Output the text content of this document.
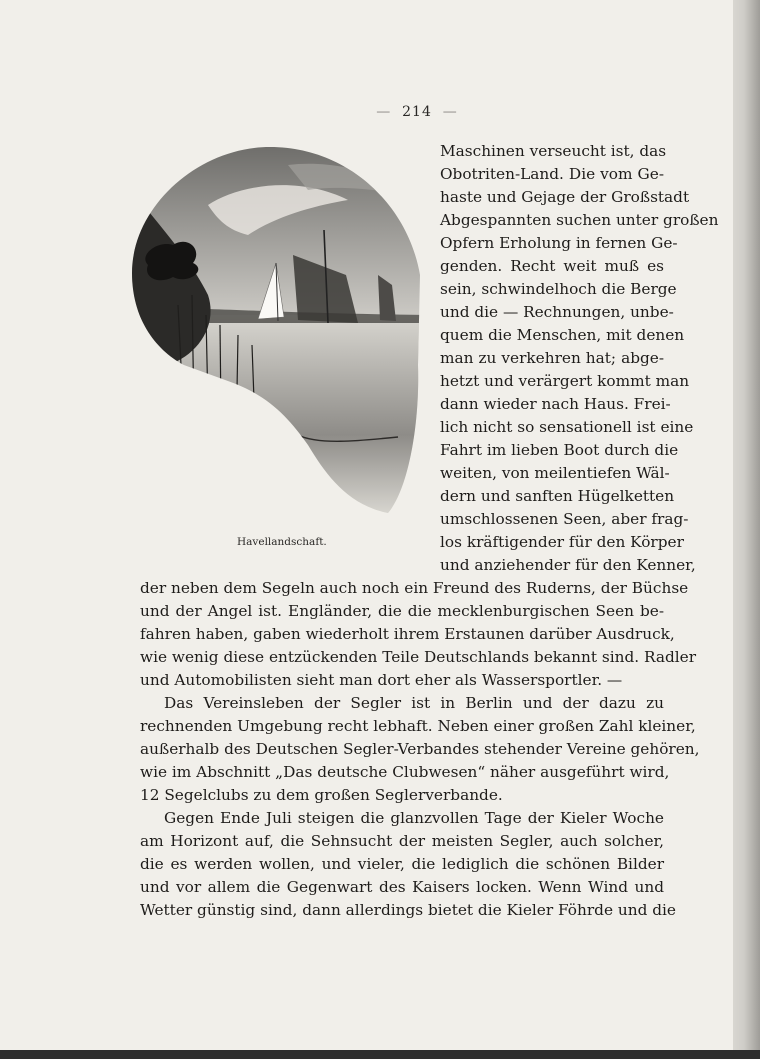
— 214 —
Havellandschaft.
Maschinen verseucht ist, das
Obotriten-Land. Die vom Ge-
haste und Gejage der Großstadt
Abgespannten suchen unter großen
Opfern Erholung in fernen Ge-
genden. Recht weit muß es
sein, schwindelhoch die Berge
und die — Rechnungen, unbe-
quem die Menschen, mit denen
man zu verkehren hat; abge-
hetzt und verärgert kommt man
dann wieder nach Haus. Frei-
lich nicht so sensationell ist eine
Fahrt im lieben Boot durch die
weiten, von meilentiefen Wäl-
dern und sanften Hügelketten
umschlossenen Seen, aber frag-
los kräftigender für den Körper
und anziehender für den Kenner,
der neben dem Segeln auch noch ein Freund des Ruderns, der Büchse
und der Angel ist. Engländer, die die mecklenburgischen Seen be-
fahren haben, gaben wiederholt ihrem Erstaunen darüber Ausdruck,
wie wenig diese entzückenden Teile Deutschlands bekannt sind. Radler
und Automobilisten sieht man dort eher als Wassersportler. —
Das Vereinsleben der Segler ist in Berlin und der dazu zu
rechnenden Umgebung recht lebhaft. Neben einer großen Zahl kleiner,
außerhalb des Deutschen Segler-Verbandes stehender Vereine gehören,
wie im Abschnitt „Das deutsche Clubwesen“ näher ausgeführt wird,
12 Segelclubs zu dem großen Seglerverbande.
Gegen Ende Juli steigen die glanzvollen Tage der Kieler Woche
am Horizont auf, die Sehnsucht der meisten Segler, auch solcher,
die es werden wollen, und vieler, die lediglich die schönen Bilder
und vor allem die Gegenwart des Kaisers locken. Wenn Wind und
Wetter günstig sind, dann allerdings bietet die Kieler Föhrde und die
